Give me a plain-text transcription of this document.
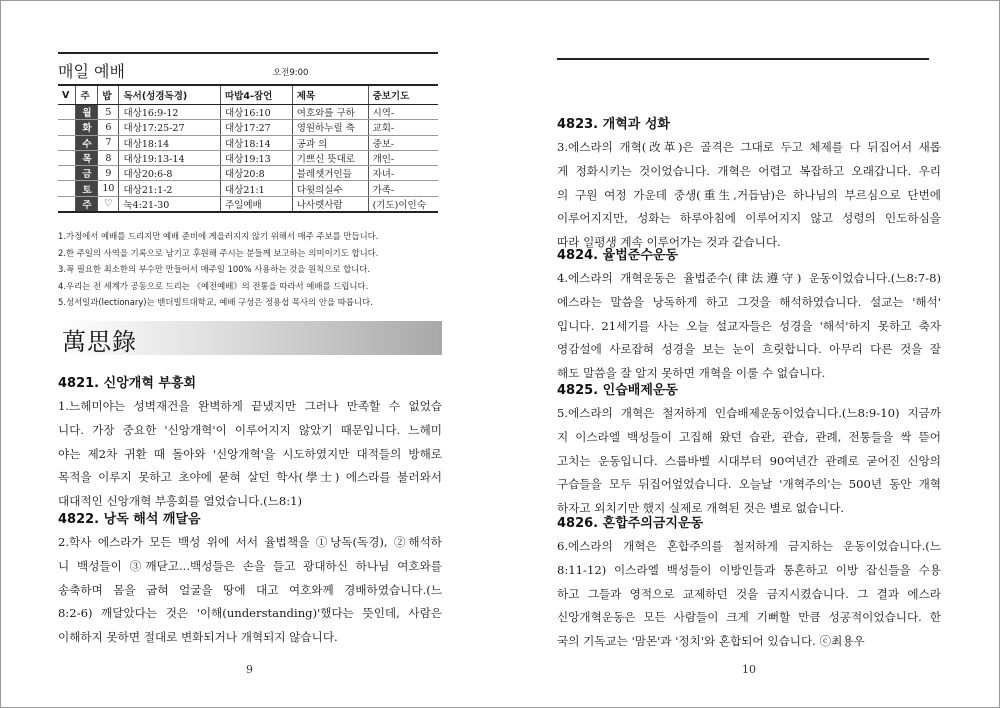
매일 예배	오전9:00
V	주	밥	독서(성경독경)	따밥4-잠언	제목	중보기도
	월	5	대상16:9-12	대상16:10	여호와를 구하	시역-
	화	6	대상17:25-27	대상17:27	영원하누릴 축	교회-
	수	7	대상18:14	대상18:14	공과 의	중보-
	목	8	대상19:13-14	대상19:13	기쁘신 뜻대로	개인-
	금	9	대상20:6-8	대상20:8	블레셋거인들	자녀-
	토	10	대상21:1-2	대상21:1	다윗의실수	가족-
	주	♡	눅4:21-30	주일예배	나사렛사람	(기도)이인숙

1.가정에서 예배를 드리지만 예배 준비에 게을러지지 않기 위해서 매주 주보를 만듭니다.

2.한 주일의 사역을 기록으로 남기고 후원해 주시는 분들께 보고하는 의미이기도 합니다.

3.꼭 필요한 최소한의 부수만 만들어서 매주일 100% 사용하는 것을 원칙으로 합니다.

4.우리는 전 세계가 공동으로 드리는 《예전예배》의 전통을 따라서 예배를 드립니다.

5.성서일과(lectionary)는 밴더빌트대학교, 예배 구성은 정용섭 목사의 안을 따릅니다.

萬思錄
4821. 신앙개혁 부흥회

1.느헤미야는 성벽재건을 완벽하게 끝냈지만 그러나 만족할 수 없었습

니다. 가장 중요한 '신앙개혁'이 이루어지지 않았기 때문입니다. 느헤미

야는 제2차 귀환 때 돌아와 '신앙개혁'을 시도하였지만 대적들의 방해로

목적을 이루지 못하고 초야에 묻혀 살던 학사(學士) 에스라를 불러와서

대대적인 신앙개혁 부흥회를 열었습니다.(느8:1)

4822. 낭독 해석 깨달음

2.학사 에스라가 모든 백성 위에 서서 율법책을 ①낭독(독경), ②해석하

니 백성들이 ③깨닫고...백성들은 손을 들고 광대하신 하나님 여호와를

송축하며 몸을 굽혀 얼굴을 땅에 대고 여호와께 경배하였습니다.(느

8:2-6) 깨달았다는 것은 '이해(understanding)'했다는 뜻인데, 사람은

이해하지 못하면 절대로 변화되거나 개혁되지 않습니다.

9
4823. 개혁과 성화

3.에스라의 개혁(改革)은 골격은 그대로 두고 체제를 다 뒤집어서 새롭

게 정화시키는 것이었습니다. 개혁은 어렵고 복잡하고 오래갑니다. 우리

의 구원 여정 가운데 중생(重生,거듭남)은 하나님의 부르심으로 단번에

이루어지지만, 성화는 하루아침에 이루어지지 않고 성령의 인도하심을

따라 일평생 계속 이루어가는 것과 같습니다.

4824. 율법준수운동

4.에스라의 개혁운동은 율법준수(律法遵守) 운동이었습니다.(느8:7-8)

에스라는 말씀을 낭독하게 하고 그것을 해석하였습니다. 설교는 '해석'

입니다. 21세기를 사는 오늘 설교자들은 성경을 '해석'하지 못하고 축자

영감설에 사로잡혀 성경을 보는 눈이 흐릿합니다. 아무리 다른 것을 잘

해도 말씀을 잘 알지 못하면 개혁을 이룰 수 없습니다.

4825. 인습배제운동

5.에스라의 개혁은 철저하게 인습배제운동이었습니다.(느8:9-10) 지금까

지 이스라엘 백성들이 고집해 왔던 습관, 관습, 관례, 전통들을 싹 뜯어

고치는 운동입니다. 스룹바벨 시대부터 90여년간 관례로 굳어진 신앙의

구습들을 모두 뒤집어엎었습니다. 오늘날 '개혁주의'는 500년 동안 개혁

하자고 외치기만 했지 실제로 개혁된 것은 별로 없습니다.

4826. 혼합주의금지운동

6.에스라의 개혁은 혼합주의를 철저하게 금지하는 운동이었습니다.(느

8:11-12) 이스라엘 백성들이 이방인들과 통혼하고 이방 잡신들을 수용

하고 그들과 영적으로 교제하던 것을 금지시켰습니다. 그 결과 에스라

신앙개혁운동은 모든 사람들이 크게 기뻐할 만큼 성공적이었습니다. 한

국의 기독교는 '맘몬'과 '정치'와 혼합되어 있습니다. ⓒ최용우

10
